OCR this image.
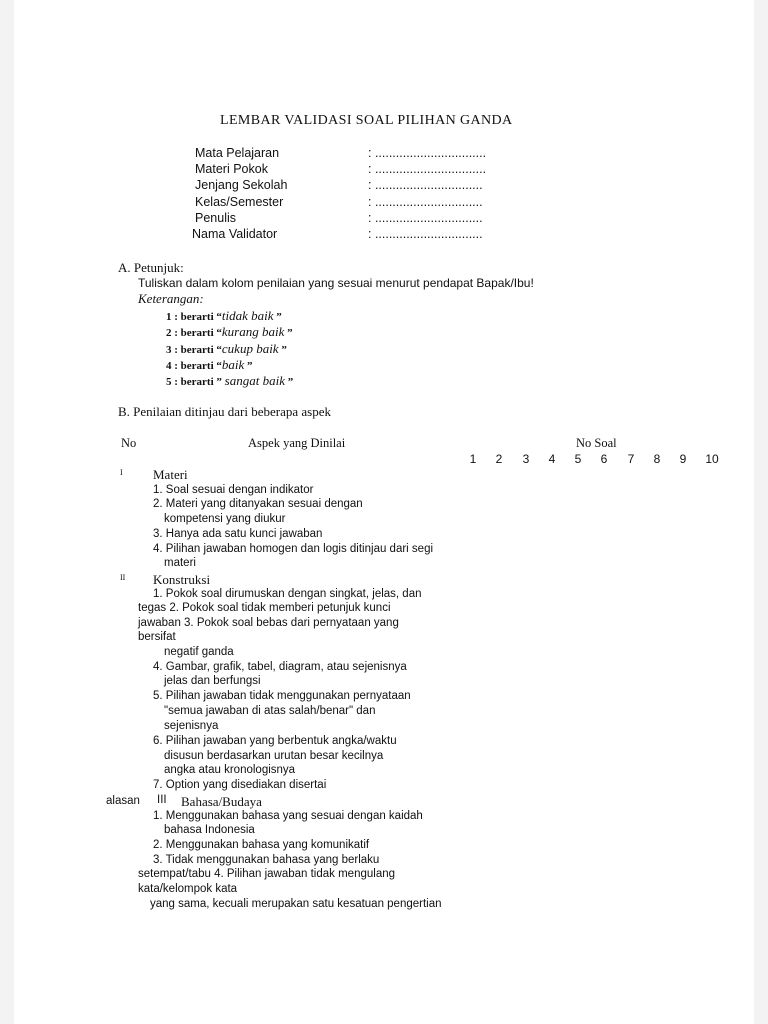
LEMBAR VALIDASI SOAL PILIHAN GANDA
Mata Pelajaran	: ................................
Materi Pokok	: ................................
Jenjang Sekolah	: ...............................
Kelas/Semester	: ...............................
Penulis	: ...............................
Nama Validator	: ...............................
A. Petunjuk:
Tuliskan dalam kolom penilaian yang sesuai menurut pendapat Bapak/Ibu!
Keterangan:
1 : berarti “tidak baik ”
2 : berarti “kurang baik ”
3 : berarti “cukup baik ”
4 : berarti “baik ”
5 : berarti ” sangat baik ”
B. Penilaian ditinjau dari beberapa aspek
No	Aspek yang Dinilai	No Soal
1	2	3	4	5	6	7	8	9	10
I Materi
1. Soal sesuai dengan indikator
2. Materi yang ditanyakan sesuai dengan
kompetensi yang diukur
3. Hanya ada satu kunci jawaban
4. Pilihan jawaban homogen dan logis ditinjau dari segi
materi
II Konstruksi
1. Pokok soal dirumuskan dengan singkat, jelas, dan
tegas 2. Pokok soal tidak memberi petunjuk kunci
jawaban 3. Pokok soal bebas dari pernyataan yang
bersifat
negatif ganda
4. Gambar, grafik, tabel, diagram, atau sejenisnya
jelas dan berfungsi
5. Pilihan jawaban tidak menggunakan pernyataan
"semua jawaban di atas salah/benar" dan
sejenisnya
6. Pilihan jawaban yang berbentuk angka/waktu
disusun berdasarkan urutan besar kecilnya
angka atau kronologisnya
7. Option yang disediakan disertai
alasan III Bahasa/Budaya
1. Menggunakan bahasa yang sesuai dengan kaidah
bahasa Indonesia
2. Menggunakan bahasa yang komunikatif
3. Tidak menggunakan bahasa yang berlaku
setempat/tabu 4. Pilihan jawaban tidak mengulang
kata/kelompok kata
yang sama, kecuali merupakan satu kesatuan pengertian
